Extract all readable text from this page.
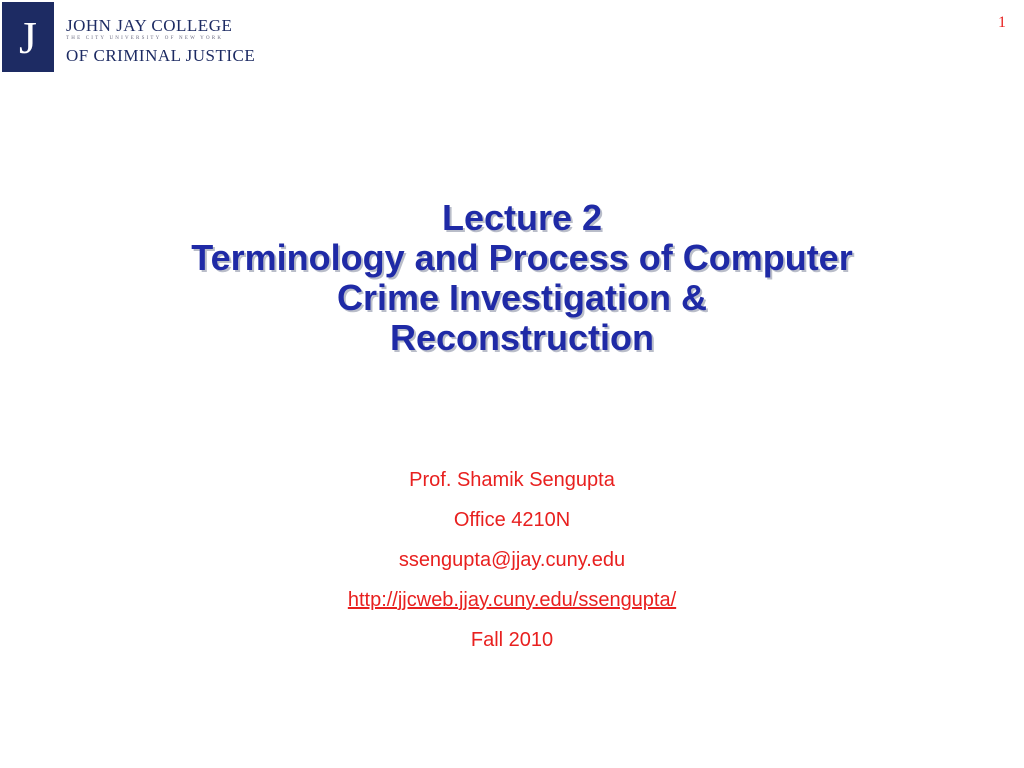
J	JOHN JAY COLLEGE
THE CITY UNIVERSITY OF NEW YORK
OF CRIMINAL JUSTICE
1
Lecture 2
Terminology and Process of Computer
Crime Investigation &
Reconstruction
Prof. Shamik Sengupta
Office 4210N
ssengupta@jjay.cuny.edu
http://jjcweb.jjay.cuny.edu/ssengupta/
Fall 2010
